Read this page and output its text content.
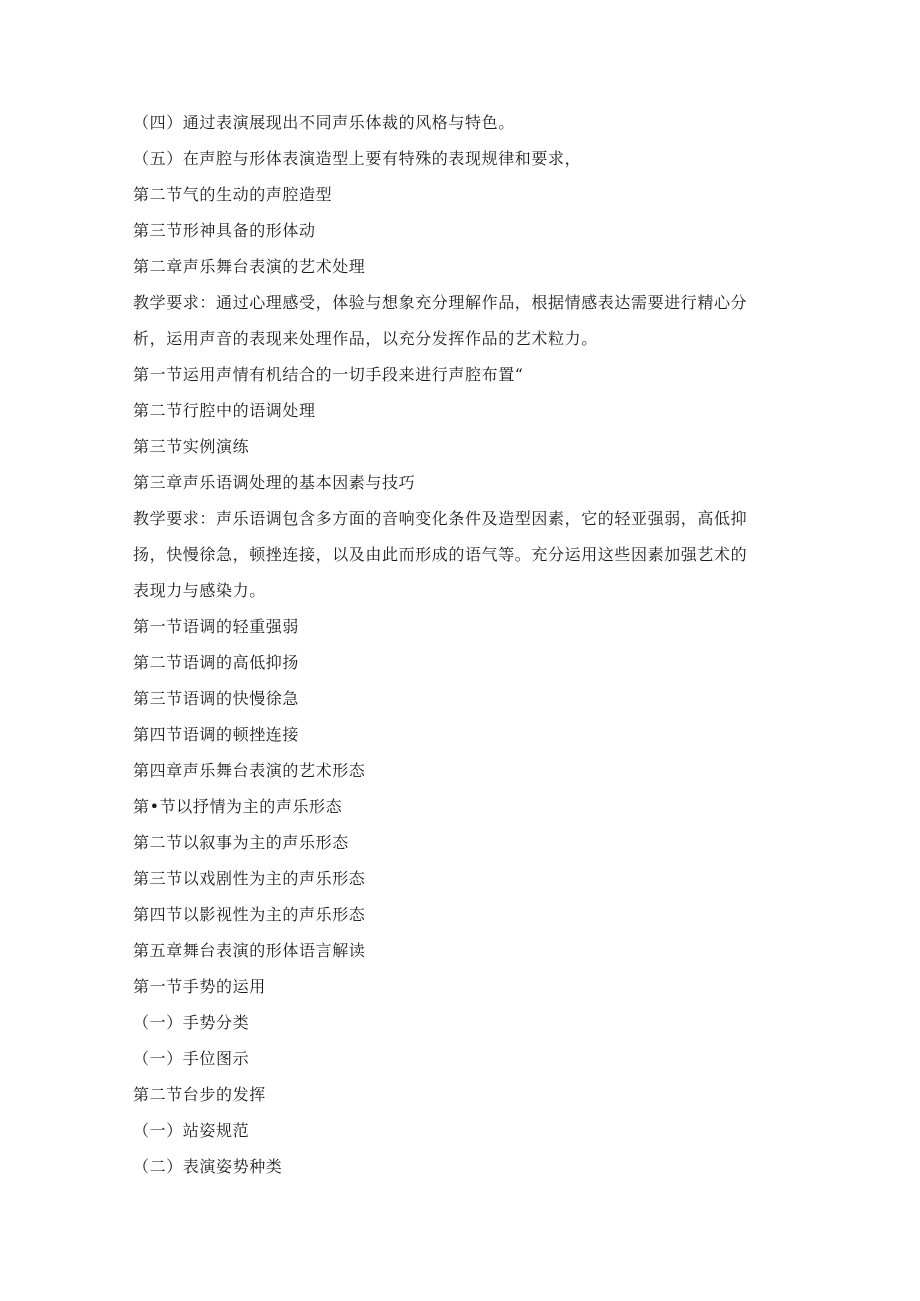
（四）通过表演展现出不同声乐体裁的风格与特色。
（五）在声腔与形体表演造型上要有特殊的表现规律和要求，
第二节气的生动的声腔造型
第三节形神具备的形体动
第二章声乐舞台表演的艺术处理
教学要求：通过心理感受，体验与想象充分理解作品，根据情感表达需要进行精心分
析，运用声音的表现来处理作品，以充分发挥作品的艺术粒力。
第一节运用声情有机结合的一切手段来进行声腔布置“
第二节行腔中的语调处理
第三节实例演练
第三章声乐语调处理的基本因素与技巧
教学要求：声乐语调包含多方面的音响变化条件及造型因素，它的轻亚强弱，高低抑
扬，快慢徐急，顿挫连接，以及由此而形成的语气等。充分运用这些因素加强艺术的
表现力与感染力。
第一节语调的轻重强弱
第二节语调的高低抑扬
第三节语调的快慢徐急
第四节语调的顿挫连接
第四章声乐舞台表演的艺术形态
第•节以抒情为主的声乐形态
第二节以叙事为主的声乐形态
第三节以戏剧性为主的声乐形态
第四节以影视性为主的声乐形态
第五章舞台表演的形体语言解读
第一节手势的运用
（一）手势分类
（一）手位图示
第二节台步的发挥
（一）站姿规范
（二）表演姿势种类
